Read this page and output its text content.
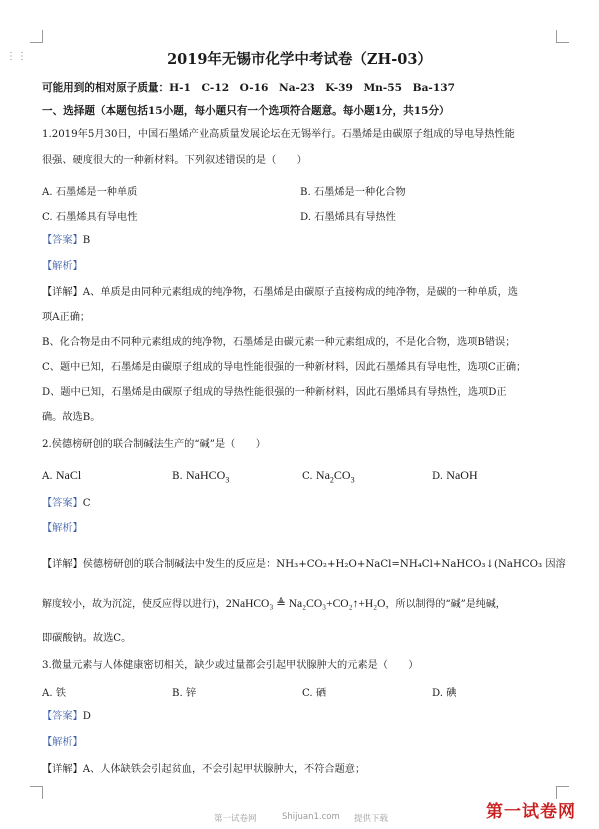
⋮⋮	2019年无锡市化学中考试卷（ZH-03）
可能用到的相对原子质量：H-1　C-12　O-16　Na-23　K-39　Mn-55　Ba-137
一、选择题（本题包括15小题，每小题只有一个选项符合题意。每小题1分，共15分）
1.2019年5月30日，中国石墨烯产业高质量发展论坛在无锡举行。石墨烯是由碳原子组成的导电导热性能
很强、硬度很大的一种新材料。下列叙述错误的是（　　）
A. 石墨烯是一种单质	B. 石墨烯是一种化合物
C. 石墨烯具有导电性	D. 石墨烯具有导热性
【答案】B
【解析】
【详解】A、单质是由同种元素组成的纯净物，石墨烯是由碳原子直接构成的纯净物，是碳的一种单质，选
项A正确；
B、化合物是由不同种元素组成的纯净物，石墨烯是由碳元素一种元素组成的，不是化合物，选项B错误；
C、题中已知，石墨烯是由碳原子组成的导电性能很强的一种新材料，因此石墨烯具有导电性，选项C正确；
D、题中已知，石墨烯是由碳原子组成的导热性能很强的一种新材料，因此石墨烯具有导热性，选项D正
确。故选B。
2.侯德榜研创的联合制碱法生产的“碱”是（　　）
A. NaCl	B. NaHCO$_3$	C. $Na_2CO_3$	D. NaOH
【答案】C
【解析】
【详解】侯德榜研创的联合制碱法中发生的反应是：NH₃+CO₂+H₂O+NaCl=NH₄Cl+NaHCO₃↓(NaHCO₃ 因溶
解度较小，故为沉淀，使反应得以进行)，2NaHCO₃ ≜ Na₂CO₃+CO₂↑+H₂O，所以制得的“碱”是纯碱，
即碳酸钠。故选C。
3.微量元素与人体健康密切相关，缺少或过量都会引起甲状腺肿大的元素是（　　）
A. 铁	B. 锌	C. 硒	D. 碘
【答案】D
【解析】
【详解】A、人体缺铁会引起贫血，不会引起甲状腺肿大，不符合题意；
第一试卷网	Shijuan1.com 提供下载	第一试卷网
